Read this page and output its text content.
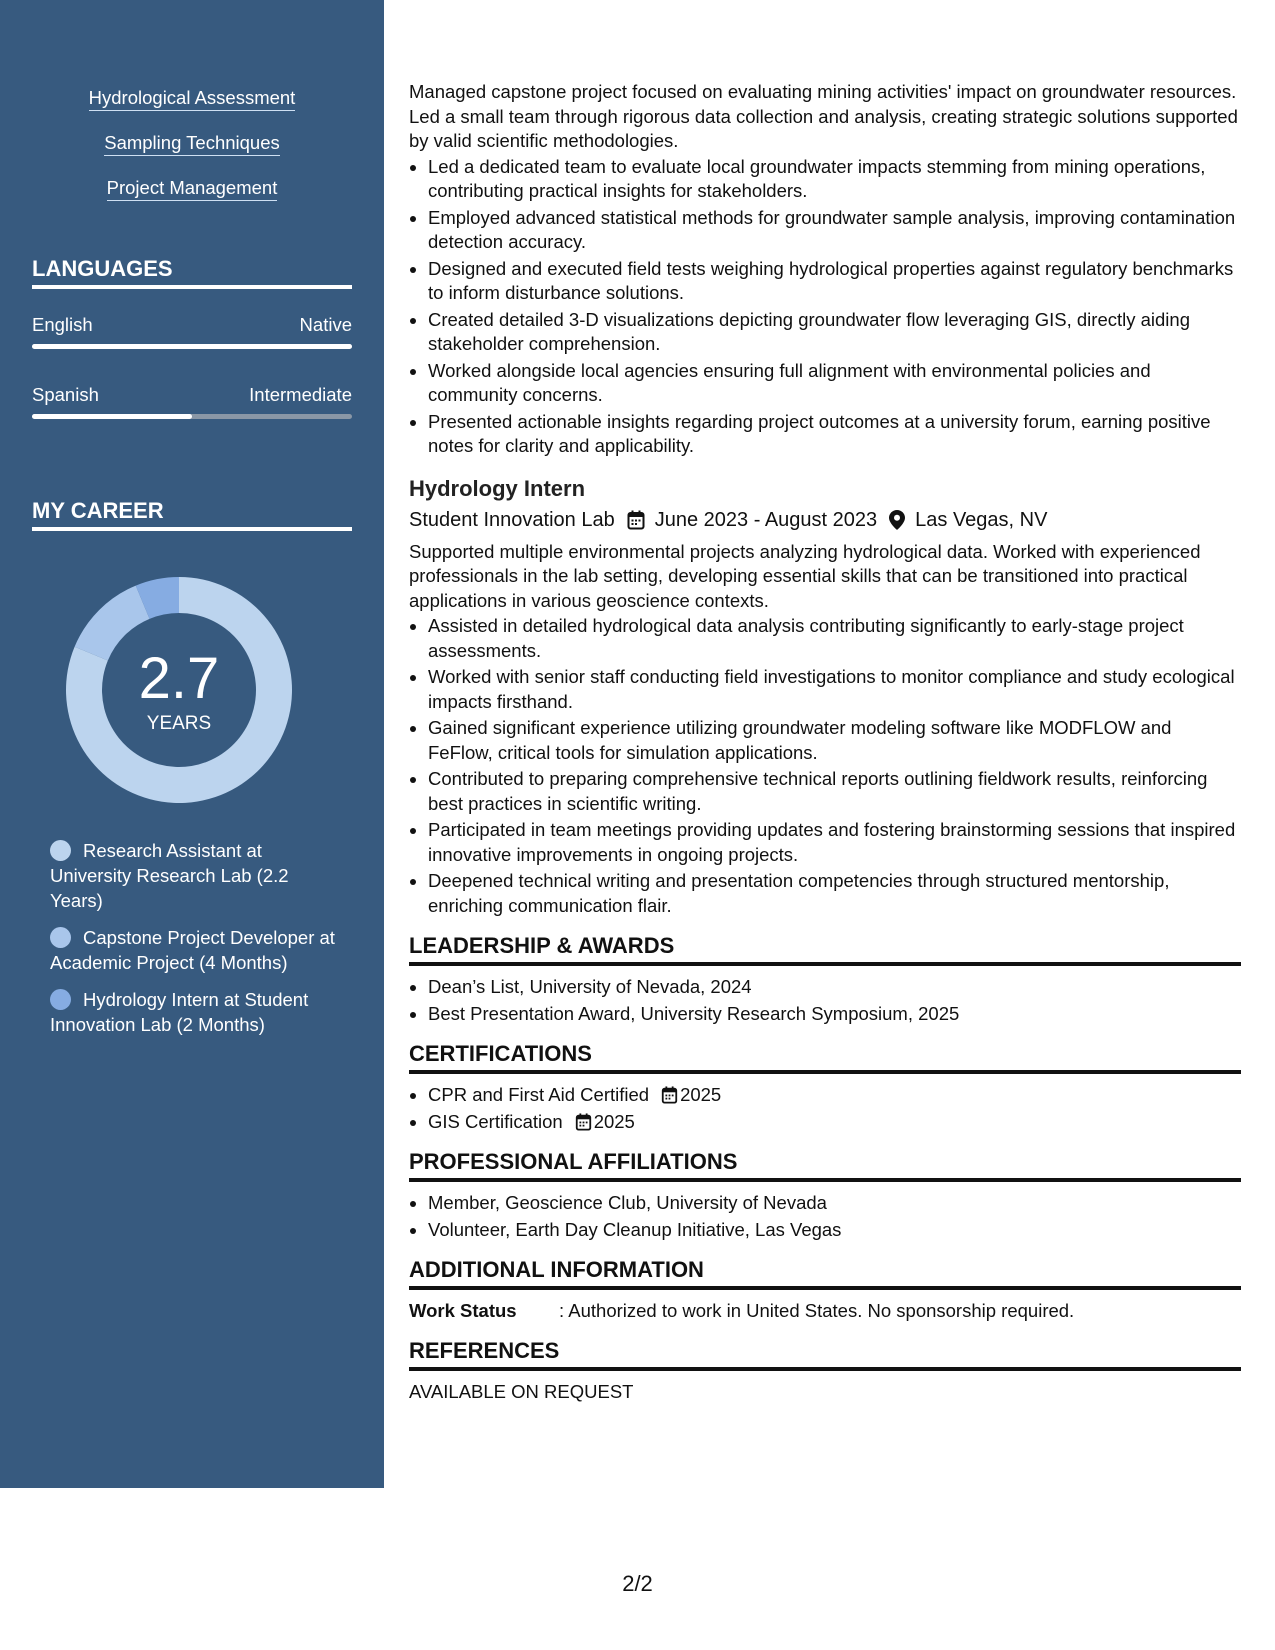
Hydrological Assessment
Sampling Techniques
Project Management
LANGUAGES
English	Native
Spanish	Intermediate
MY CAREER
2.7
YEARS
Research Assistant at University Research Lab (2.2 Years)
Capstone Project Developer at Academic Project (4 Months)
Hydrology Intern at Student Innovation Lab (2 Months)

Managed capstone project focused on evaluating mining activities' impact on groundwater resources. Led a small team through rigorous data collection and analysis, creating strategic solutions supported by valid scientific methodologies.

Led a dedicated team to evaluate local groundwater impacts stemming from mining operations, contributing practical insights for stakeholders.
Employed advanced statistical methods for groundwater sample analysis, improving contamination detection accuracy.
Designed and executed field tests weighing hydrological properties against regulatory benchmarks to inform disturbance solutions.
Created detailed 3-D visualizations depicting groundwater flow leveraging GIS, directly aiding stakeholder comprehension.
Worked alongside local agencies ensuring full alignment with environmental policies and community concerns.
Presented actionable insights regarding project outcomes at a university forum, earning positive notes for clarity and applicability.
Hydrology Intern
Student Innovation Lab June 2023 - August 2023 Las Vegas, NV

Supported multiple environmental projects analyzing hydrological data. Worked with experienced professionals in the lab setting, developing essential skills that can be transitioned into practical applications in various geoscience contexts.

Assisted in detailed hydrological data analysis contributing significantly to early-stage project assessments.
Worked with senior staff conducting field investigations to monitor compliance and study ecological impacts firsthand.
Gained significant experience utilizing groundwater modeling software like MODFLOW and FeFlow, critical tools for simulation applications.
Contributed to preparing comprehensive technical reports outlining fieldwork results, reinforcing best practices in scientific writing.
Participated in team meetings providing updates and fostering brainstorming sessions that inspired innovative improvements in ongoing projects.
Deepened technical writing and presentation competencies through structured mentorship, enriching communication flair.
LEADERSHIP & AWARDS
Dean’s List, University of Nevada, 2024
Best Presentation Award, University Research Symposium, 2025
CERTIFICATIONS
CPR and First Aid Certified 2025
GIS Certification 2025
PROFESSIONAL AFFILIATIONS
Member, Geoscience Club, University of Nevada
Volunteer, Earth Day Cleanup Initiative, Las Vegas
ADDITIONAL INFORMATION
Work Status	: Authorized to work in United States. No sponsorship required.
REFERENCES

AVAILABLE ON REQUEST

2/2
